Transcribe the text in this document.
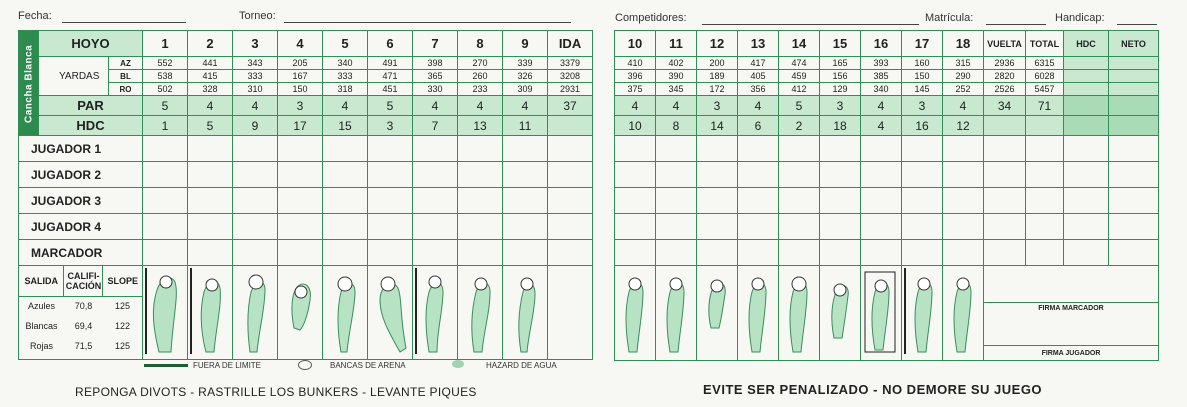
Fecha:	Torneo:	Competidores:	Matrícula:	Handicap:
Cancha Blanca	HOYO	1	2	3	4	5	6	7	8	9	IDA
YARDAS	AZ	552	441	343	205	340	491	398	270	339	3379
BL	538	415	333	167	333	471	365	260	326	3208
RO	502	328	310	150	318	451	330	233	309	2931
PAR	5	4	4	3	4	5	4	4	4	37
HDC	1	5	9	17	15	3	7	13	11	
JUGADOR 1										
JUGADOR 2										
JUGADOR 3										
JUGADOR 4										
MARCADOR										

SALIDA	CALIFI-CACIÓN	SLOPE
Azules	70,8	125
Blancas	69,4	122
Rojas	71,5	125

10	11	12	13	14	15	16	17	18	VUELTA	TOTAL	HDC	NETO
410	402	200	417	474	165	393	160	315	2936	6315		
396	390	189	405	459	156	385	150	290	2820	6028		
375	345	172	356	412	129	340	145	252	2526	5457		
4	4	3	4	5	3	4	3	4	34	71		
10	8	14	6	2	18	4	16	12				

FIRMA MARCADOR
FIRMA JUGADOR			
FUERA DE LIMITE	BANCAS DE ARENA	HAZARD DE AGUA
REPONGA DIVOTS - RASTRILLE LOS BUNKERS - LEVANTE PIQUES	EVITE SER PENALIZADO - NO DEMORE SU JUEGO
